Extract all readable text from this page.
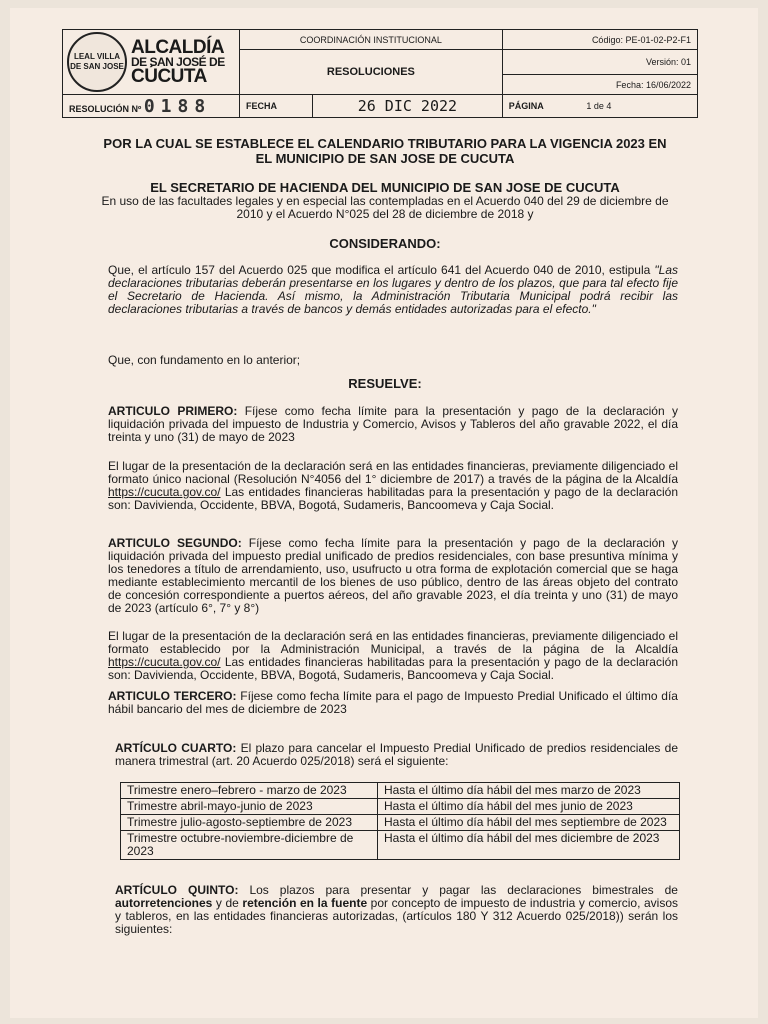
LEAL VILLA DE SAN JOSE
ALCALDÍA
DE SAN JOSÉ DE
CÚCUTA	COORDINACIÓN INSTITUCIONAL		Código: PE-01-02-P2-F1
	RESOLUCIONES		Versión: 01
			Fecha: 16/06/2022
RESOLUCIÓN Nº 0188	FECHA	26 DIC 2022	PÁGINA 1 de 4
POR LA CUAL SE ESTABLECE EL CALENDARIO TRIBUTARIO PARA LA VIGENCIA 2023 EN EL MUNICIPIO DE SAN JOSE DE CUCUTA
EL SECRETARIO DE HACIENDA DEL MUNICIPIO DE SAN JOSE DE CUCUTA
En uso de las facultades legales y en especial las contempladas en el Acuerdo 040 del 29 de diciembre de 2010 y el Acuerdo N°025 del 28 de diciembre de 2018 y
CONSIDERANDO:
Que, el artículo 157 del Acuerdo 025 que modifica el artículo 641 del Acuerdo 040 de 2010, estipula "Las declaraciones tributarias deberán presentarse en los lugares y dentro de los plazos, que para tal efecto fije el Secretario de Hacienda. Así mismo, la Administración Tributaria Municipal podrá recibir las declaraciones tributarias a través de bancos y demás entidades autorizadas para el efecto."
Que, con fundamento en lo anterior;
RESUELVE:
ARTICULO PRIMERO: Fíjese como fecha límite para la presentación y pago de la declaración y liquidación privada del impuesto de Industria y Comercio, Avisos y Tableros del año gravable 2022, el día treinta y uno (31) de mayo de 2023
El lugar de la presentación de la declaración será en las entidades financieras, previamente diligenciado el formato único nacional (Resolución N°4056 del 1° diciembre de 2017) a través de la página de la Alcaldía https://cucuta.gov.co/ Las entidades financieras habilitadas para la presentación y pago de la declaración son: Davivienda, Occidente, BBVA, Bogotá, Sudameris, Bancoomeva y Caja Social.
ARTICULO SEGUNDO: Fíjese como fecha límite para la presentación y pago de la declaración y liquidación privada del impuesto predial unificado de predios residenciales, con base presuntiva mínima y los tenedores a título de arrendamiento, uso, usufructo u otra forma de explotación comercial que se haga mediante establecimiento mercantil de los bienes de uso público, dentro de las áreas objeto del contrato de concesión correspondiente a puertos aéreos, del año gravable 2023, el día treinta y uno (31) de mayo de 2023 (artículo 6°, 7° y 8°)
El lugar de la presentación de la declaración será en las entidades financieras, previamente diligenciado el formato establecido por la Administración Municipal, a través de la página de la Alcaldía https://cucuta.gov.co/ Las entidades financieras habilitadas para la presentación y pago de la declaración son: Davivienda, Occidente, BBVA, Bogotá, Sudameris, Bancoomeva y Caja Social.
ARTICULO TERCERO: Fíjese como fecha límite para el pago de Impuesto Predial Unificado el último día hábil bancario del mes de diciembre de 2023
ARTÍCULO CUARTO: El plazo para cancelar el Impuesto Predial Unificado de predios residenciales de manera trimestral (art. 20 Acuerdo 025/2018) será el siguiente:
Trimestre enero–febrero - marzo de 2023	Hasta el último día hábil del mes marzo de 2023
Trimestre abril-mayo-junio de 2023	Hasta el último día hábil del mes junio de 2023
Trimestre julio-agosto-septiembre de 2023	Hasta el último día hábil del mes septiembre de 2023
Trimestre octubre-noviembre-diciembre de 2023	Hasta el último día hábil del mes diciembre de 2023
ARTÍCULO QUINTO: Los plazos para presentar y pagar las declaraciones bimestrales de autorretenciones y de retención en la fuente por concepto de impuesto de industria y comercio, avisos y tableros, en las entidades financieras autorizadas, (artículos 180 Y 312 Acuerdo 025/2018)) serán los siguientes:
